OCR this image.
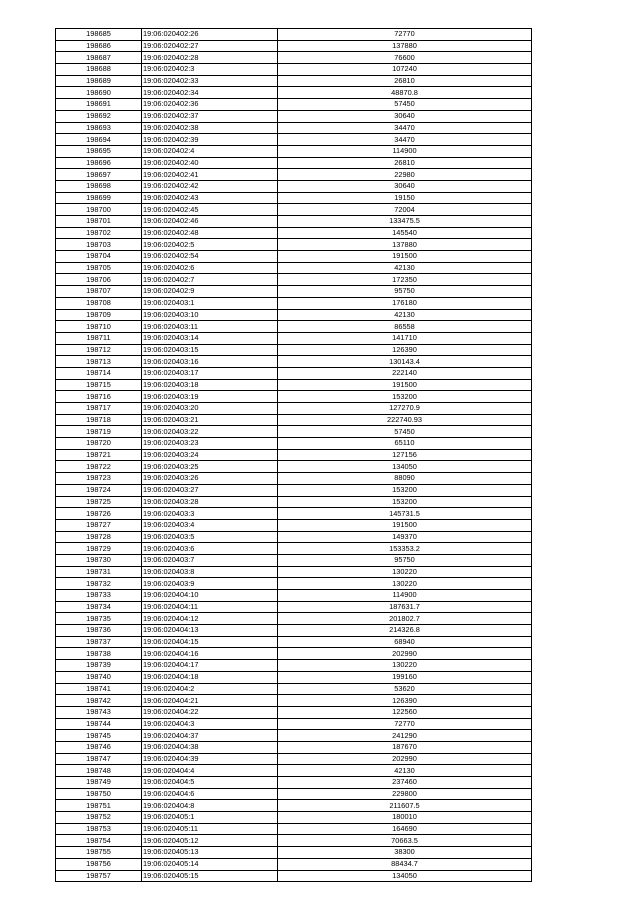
198685	19:06:020402:26	72770
198686	19:06:020402:27	137880
198687	19:06:020402:28	76600
198688	19:06:020402:3	107240
198689	19:06:020402:33	26810
198690	19:06:020402:34	48870.8
198691	19:06:020402:36	57450
198692	19:06:020402:37	30640
198693	19:06:020402:38	34470
198694	19:06:020402:39	34470
198695	19:06:020402:4	114900
198696	19:06:020402:40	26810
198697	19:06:020402:41	22980
198698	19:06:020402:42	30640
198699	19:06:020402:43	19150
198700	19:06:020402:45	72004
198701	19:06:020402:46	133475.5
198702	19:06:020402:48	145540
198703	19:06:020402:5	137880
198704	19:06:020402:54	191500
198705	19:06:020402:6	42130
198706	19:06:020402:7	172350
198707	19:06:020402:9	95750
198708	19:06:020403:1	176180
198709	19:06:020403:10	42130
198710	19:06:020403:11	86558
198711	19:06:020403:14	141710
198712	19:06:020403:15	126390
198713	19:06:020403:16	130143.4
198714	19:06:020403:17	222140
198715	19:06:020403:18	191500
198716	19:06:020403:19	153200
198717	19:06:020403:20	127270.9
198718	19:06:020403:21	222740.93
198719	19:06:020403:22	57450
198720	19:06:020403:23	65110
198721	19:06:020403:24	127156
198722	19:06:020403:25	134050
198723	19:06:020403:26	88090
198724	19:06:020403:27	153200
198725	19:06:020403:28	153200
198726	19:06:020403:3	145731.5
198727	19:06:020403:4	191500
198728	19:06:020403:5	149370
198729	19:06:020403:6	153353.2
198730	19:06:020403:7	95750
198731	19:06:020403:8	130220
198732	19:06:020403:9	130220
198733	19:06:020404:10	114900
198734	19:06:020404:11	187631.7
198735	19:06:020404:12	201802.7
198736	19:06:020404:13	214326.8
198737	19:06:020404:15	68940
198738	19:06:020404:16	202990
198739	19:06:020404:17	130220
198740	19:06:020404:18	199160
198741	19:06:020404:2	53620
198742	19:06:020404:21	126390
198743	19:06:020404:22	122560
198744	19:06:020404:3	72770
198745	19:06:020404:37	241290
198746	19:06:020404:38	187670
198747	19:06:020404:39	202990
198748	19:06:020404:4	42130
198749	19:06:020404:5	237460
198750	19:06:020404:6	229800
198751	19:06:020404:8	211607.5
198752	19:06:020405:1	180010
198753	19:06:020405:11	164690
198754	19:06:020405:12	70663.5
198755	19:06:020405:13	38300
198756	19:06:020405:14	88434.7
198757	19:06:020405:15	134050
